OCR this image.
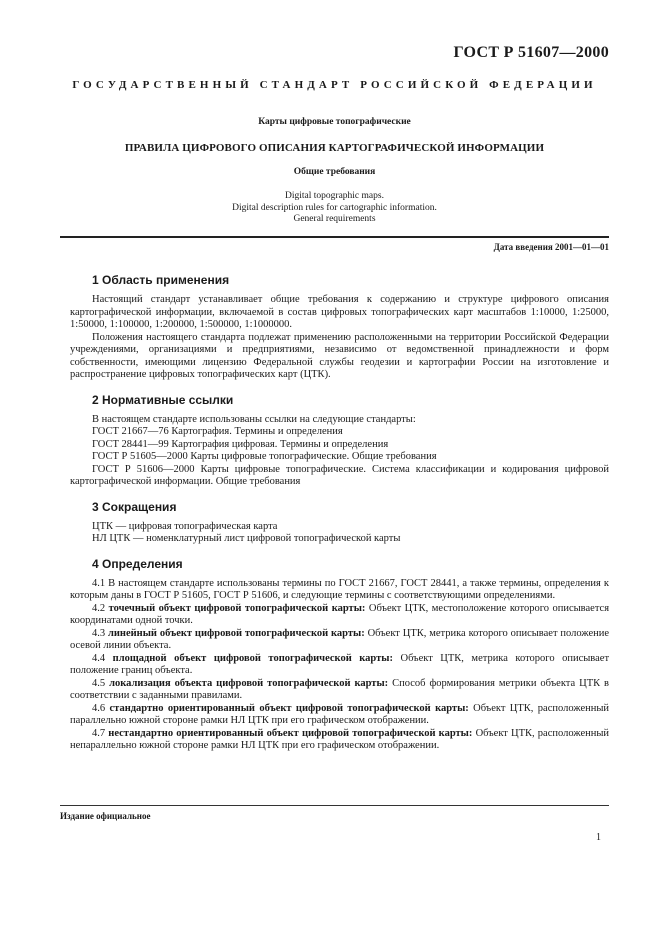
ГОСТ Р 51607—2000
ГОСУДАРСТВЕННЫЙ СТАНДАРТ РОССИЙСКОЙ ФЕДЕРАЦИИ
Карты цифровые топографические
ПРАВИЛА ЦИФРОВОГО ОПИСАНИЯ КАРТОГРАФИЧЕСКОЙ ИНФОРМАЦИИ
Общие требования
Digital topographic maps.
Digital description rules for cartographic information.
General requirements
Дата введения 2001—01—01
1 Область применения

Настоящий стандарт устанавливает общие требования к содержанию и структуре цифрового описания картографической информации, включаемой в состав цифровых топографических карт масштабов 1:10000, 1:25000, 1:50000, 1:100000, 1:200000, 1:500000, 1:1000000.

Положения настоящего стандарта подлежат применению расположенными на территории Российской Федерации учреждениями, организациями и предприятиями, независимо от ведомственной принадлежности и форм собственности, имеющими лицензию Федеральной службы геодезии и картографии России на изготовление и распространение цифровых топографических карт (ЦТК).

2 Нормативные ссылки

В настоящем стандарте использованы ссылки на следующие стандарты:

ГОСТ 21667—76 Картография. Термины и определения

ГОСТ 28441—99 Картография цифровая. Термины и определения

ГОСТ Р 51605—2000 Карты цифровые топографические. Общие требования

ГОСТ Р 51606—2000 Карты цифровые топографические. Система классификации и кодирования цифровой картографической информации. Общие требования

3 Сокращения

ЦТК — цифровая топографическая карта

НЛ ЦТК — номенклатурный лист цифровой топографической карты

4 Определения

4.1 В настоящем стандарте использованы термины по ГОСТ 21667, ГОСТ 28441, а также термины, определения к которым даны в ГОСТ Р 51605, ГОСТ Р 51606, и следующие термины с соответствующими определениями.

4.2 точечный объект цифровой топографической карты: Объект ЦТК, местоположение которого описывается координатами одной точки.

4.3 линейный объект цифровой топографической карты: Объект ЦТК, метрика которого описывает положение осевой линии объекта.

4.4 площадной объект цифровой топографической карты: Объект ЦТК, метрика которого описывает положение границ объекта.

4.5 локализация объекта цифровой топографической карты: Способ формирования метрики объекта ЦТК в соответствии с заданными правилами.

4.6 стандартно ориентированный объект цифровой топографической карты: Объект ЦТК, расположенный параллельно южной стороне рамки НЛ ЦТК при его графическом отображении.

4.7 нестандартно ориентированный объект цифровой топографической карты: Объект ЦТК, расположенный непараллельно южной стороне рамки НЛ ЦТК при его графическом отображении.

Издание официальное
1
